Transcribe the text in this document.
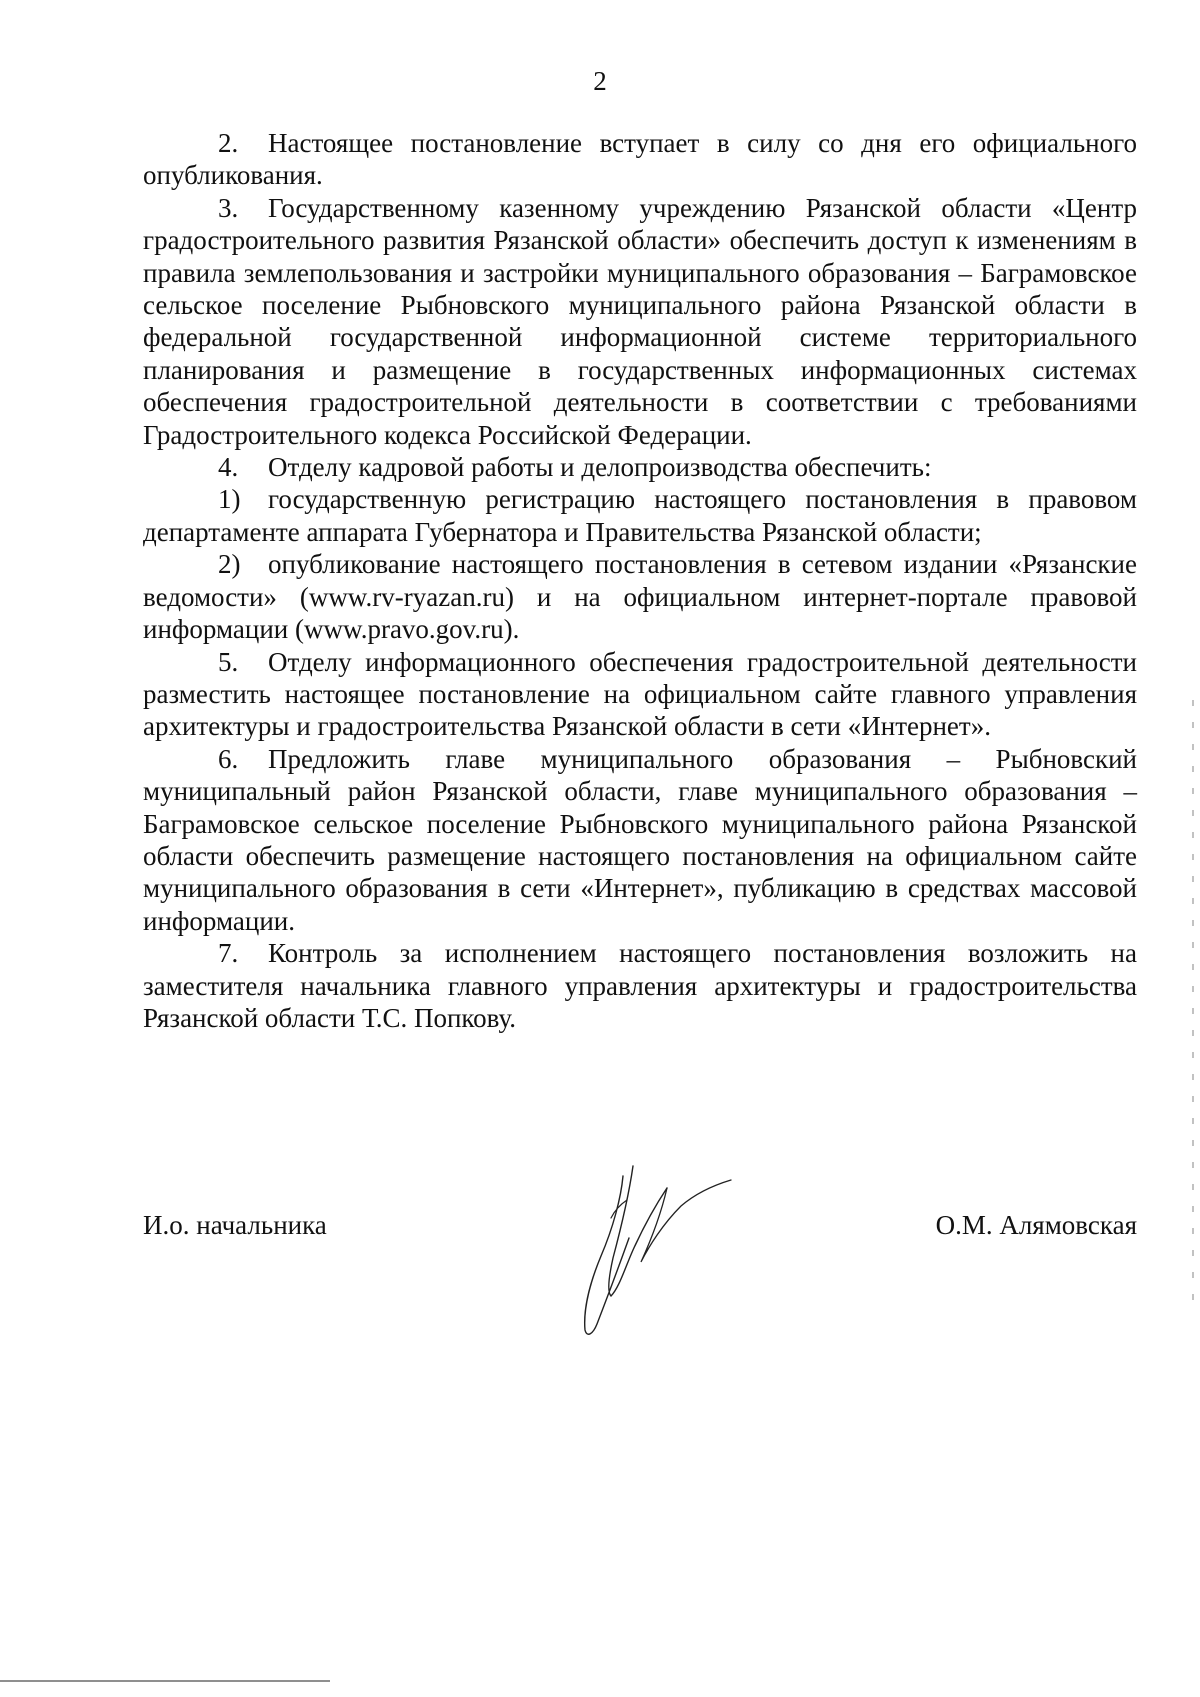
2

2. Настоящее постановление вступает в силу со дня его официального опубликования.

3. Государственному казенному учреждению Рязанской области «Центр градостроительного развития Рязанской области» обеспечить доступ к изменениям в правила землепользования и застройки муниципального образования – Баграмовское сельское поселение Рыбновского муниципального района Рязанской области в федеральной государственной информационной системе территориального планирования и размещение в государственных информационных системах обеспечения градостроительной деятельности в соответствии с требованиями Градостроительного кодекса Российской Федерации.

4. Отделу кадровой работы и делопроизводства обеспечить:

1) государственную регистрацию настоящего постановления в правовом департаменте аппарата Губернатора и Правительства Рязанской области;

2) опубликование настоящего постановления в сетевом издании «Рязанские ведомости» (www.rv-ryazan.ru) и на официальном интернет-портале правовой информации (www.pravo.gov.ru).

5. Отделу информационного обеспечения градостроительной деятельности разместить настоящее постановление на официальном сайте главного управления архитектуры и градостроительства Рязанской области в сети «Интернет».

6. Предложить главе муниципального образования – Рыбновский муниципальный район Рязанской области, главе муниципального образования – Баграмовское сельское поселение Рыбновского муниципального района Рязанской области обеспечить размещение настоящего постановления на официальном сайте муниципального образования в сети «Интернет», публикацию в средствах массовой информации.

7. Контроль за исполнением настоящего постановления возложить на заместителя начальника главного управления архитектуры и градостроительства Рязанской области Т.С. Попкову.

И.о. начальника	О.М. Алямовская
